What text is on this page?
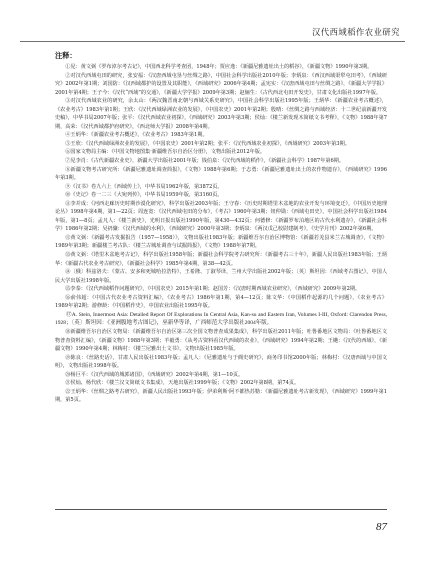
汉代西域稻作农业研究
注释：

①见：黄文弼《罗布淖尔考古记》，中国西北科学考查团，1948年；贾应逸：《新疆尼雅遗址出土的稻谷》，《新疆文物》1990年第3期。

②对汉代西域屯田的研究，张安福：《汉唐西域屯垦与丝绸之路》，中国社会科学出版社2010年版；李炳泉：《西汉西域渠犁屯田考》，《西域研究》2002年第1期；刘国防：《汉西域都护的设置及其职能》，《西域研究》2006年第4期；孟宪实：《汉唐西域屯田与丝绸之路》，《新疆大学学报》2001年第4期；王子今：《汉代“西域”的交通》，《新疆大学学报》2009年第3期；赵俪生：《古代西北屯田开发史》，甘肃文化出版社1997年版。

③对汉代西域农业的研究，余太山：《两汉魏晋南北朝与西域关系史研究》，中国社会科学出版社1995年版；王炳华：《新疆农业考古概述》，《农业考古》1983年第1期；王欣：《汉代西域绿洲农业的发展》，《中国农史》2001年第2期；殷晴：《丝绸之路与西域经济：十二世纪前新疆开发史稿》，中华书局2007年版；张平：《汉代西域农业初探》，《西域研究》2003年第3期；侯灿：《楼兰新发现木简纸文书考释》，《文物》1988年第7期，高荣：《汉代西域都护府研究》，《西北师大学报》2008年第4期。

④王炳华：《新疆农业考古概述》，《农业考古》1983年第1期。

⑤王欣：《汉代西域绿洲农业的发展》，《中国农史》2001年第2期；张平：《汉代西域农业初探》，《西域研究》2003年第3期。

⑥国家文物局主编：《中国文物地图集·新疆维吾尔自治区分册》，文物出版社2012年版。

⑦见李肖：《古代新疆农业史》，新疆大学出版社2001年版；钱伯泉：《汉代西域的稻作》，《新疆社会科学》1987年第6期。

⑧新疆文物考古研究所：《新疆尼雅遗址调查简报》，《文物》1988年第6期；于志勇：《新疆尼雅遗址出土的农作物遗存》，《西域研究》1996年第3期。

⑨《汉书》卷九六上《西域传上》，中华书局1962年版，第3872页。

⑩《史记》卷一二三《大宛列传》，中华书局1959年版，第3160页。

⑪李并成：《河西走廊历史时期沙漠化研究》，科学出版社2003年版；王守春：《历史时期塔里木盆地的农业开发与环境变迁》，《中国历史地理论丛》1998年第4期，第1—22页；周连宽：《汉代西域屯田的分布》，《考古》1960年第3期；钮仲勋：《西域屯田史》，中国社会科学出版社1984年版，第1—8页；孟凡人：《楼兰新史》，光明日报出版社1990年版，第430—432页；何德修：《新疆罗布泊地区的古代水利遗存》，《新疆社会科学》1986年第2期；吴礽骧：《汉代西域的水利》，《西域研究》2000年第3期；李炳泉：《两汉戊己校尉建制考》，《史学月刊》2002年第6期。

⑫黄文弼：《新疆考古发掘报告（1957—1958）》，文物出版社1983年版；新疆维吾尔自治区博物馆：《新疆若羌县米兰古城调查》，《文物》1989年第3期；新疆楼兰考古队：《楼兰古城址调查与试掘简报》，《文物》1988年第7期。

⑬黄文弼：《塔里木盆地考古记》，科学出版社1958年版；新疆社会科学院考古研究所：《新疆考古三十年》，新疆人民出版社1983年版；王炳华：《新疆古代农业考古研究》，《新疆社会科学》1985年第4期，第38—42页。

⑭〔俄〕科兹洛夫：《蒙古、安多和死城哈拉浩特》，王希隆、丁淑琴译，兰州大学出版社2002年版；〔英〕斯坦因：《西域考古图记》，中国人民大学出版社1998年版。

⑮李泰：《汉代西域稻作问题研究》，《中国农史》2015年第1期；赵国芳：《汉唐时期西域农业研究》，《西域研究》2009年第2期。

⑯俞伟超：《中国古代农业考古资料汇编》，《农业考古》1986年第1期，第4—12页；陈文华：《中国稻作起源的几个问题》，《农业考古》1989年第2期；游修龄：《中国稻作史》，中国农业出版社1995年版。

⑰A. Stein, Innermost Asia: Detailed Report Of Explorations In Central Asia, Kan-su and Eastern Iran, Volumes I-III, Oxford: Clarendon Press, 1928；〔英〕斯坦因：《亚洲腹地考古图记》，巫新华等译，广西师范大学出版社2004年版。

⑱新疆维吾尔自治区文物局：《新疆维吾尔自治区第三次全国文物普查成果集成》，科学出版社2011年版；吐鲁番地区文物局：《吐鲁番地区文物普查资料汇编》，《新疆文物》1988年第3期；羊毅勇：《从考古资料看汉代西域的农业》，《西域研究》1994年第2期；王樾：《汉代的西域》，《新疆文物》1990年第4期；林梅村：《楼兰尼雅出土文书》，文物出版社1985年版。

⑲陈良：《丝路史话》，甘肃人民出版社1983年版；孟凡人：《尼雅遗址与于阗史研究》，商务印书馆2000年版；林梅村：《汉唐西域与中国文明》，文物出版社1998年版。

⑳杨巨平：《汉代西域的城郭诸国》，《西域研究》2002年第4期，第1—10页。

㉑侯灿、杨代欣：《楼兰汉文简纸文书集成》，天地出版社1999年版；《文物》2002年第8期，第74页。

㉒王炳华：《丝绸之路考古研究》，新疆人民出版社1993年版；伊弟利斯·阿不都热苏勒：《新疆尼雅遗址考古新发现》，《西域研究》1999年第1期，第5页。

87
